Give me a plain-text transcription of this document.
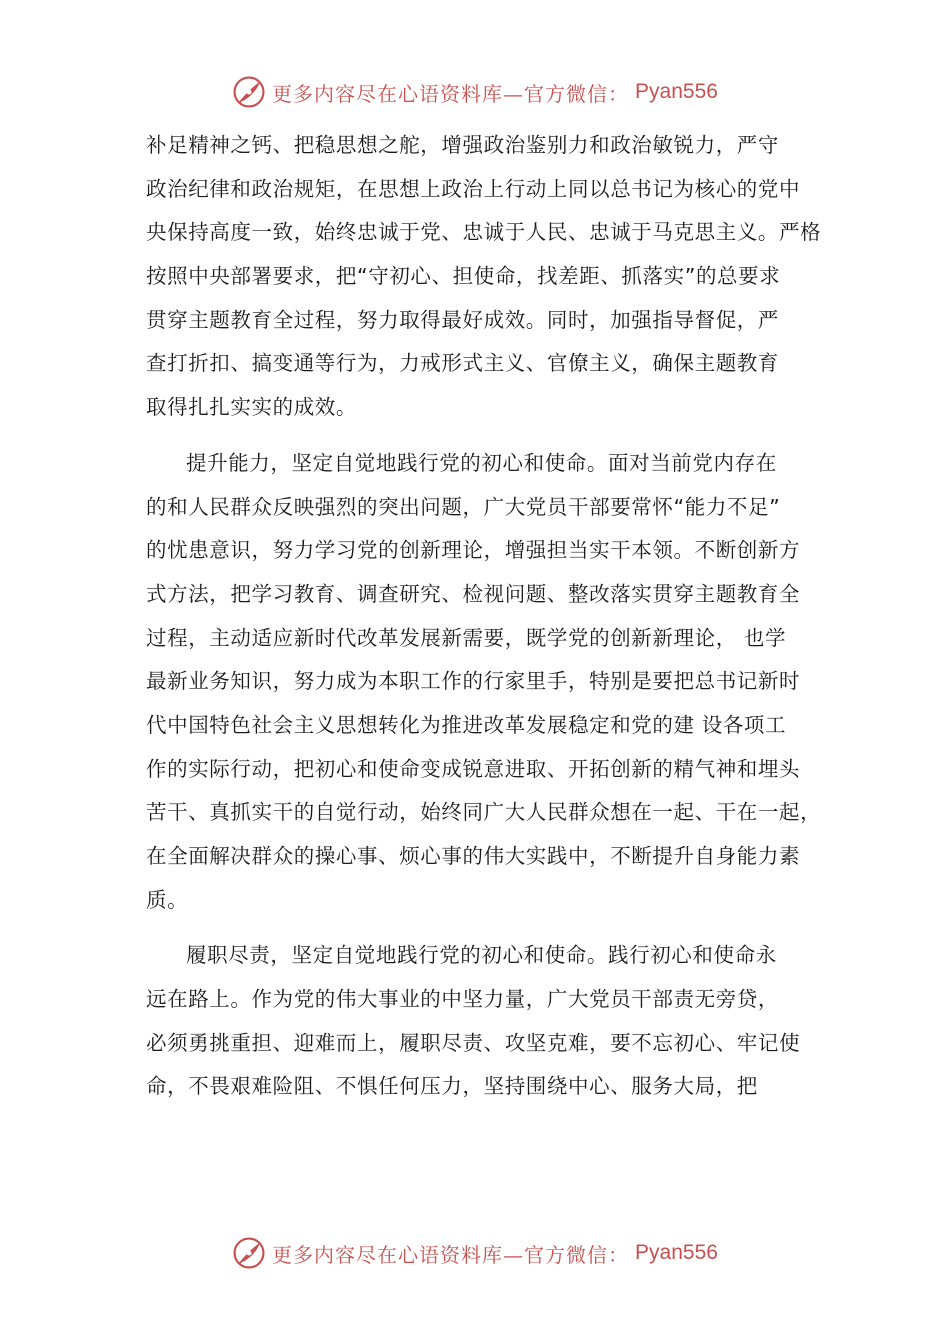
更多内容尽在心语资料库—官方微信： Pyan556
补足精神之钙、把稳思想之舵，增强政治鉴别力和政治敏锐力，严守
政治纪律和政治规矩，在思想上政治上行动上同以总书记为核心的党中
央保持高度一致，始终忠诚于党、忠诚于人民、忠诚于马克思主义。严格
按照中央部署要求，把“守初心、担使命，找差距、抓落实”的总要求
贯穿主题教育全过程，努力取得最好成效。同时，加强指导督促，严
查打折扣、搞变通等行为，力戒形式主义、官僚主义，确保主题教育
取得扎扎实实的成效。
提升能力，坚定自觉地践行党的初心和使命。面对当前党内存在
的和人民群众反映强烈的突出问题，广大党员干部要常怀“能力不足”
的忧患意识，努力学习党的创新理论，增强担当实干本领。不断创新方
式方法，把学习教育、调查研究、检视问题、整改落实贯穿主题教育全
过程，主动适应新时代改革发展新需要，既学党的创新新理论， 也学
最新业务知识，努力成为本职工作的行家里手，特别是要把总书记新时
代中国特色社会主义思想转化为推进改革发展稳定和党的建 设各项工
作的实际行动，把初心和使命变成锐意进取、开拓创新的精气神和埋头
苦干、真抓实干的自觉行动，始终同广大人民群众想在一起、干在一起，
在全面解决群众的操心事、烦心事的伟大实践中，不断提升自身能力素
质。
履职尽责，坚定自觉地践行党的初心和使命。践行初心和使命永
远在路上。作为党的伟大事业的中坚力量，广大党员干部责无旁贷，
必须勇挑重担、迎难而上，履职尽责、攻坚克难，要不忘初心、牢记使
命，不畏艰难险阻、不惧任何压力，坚持围绕中心、服务大局，把
更多内容尽在心语资料库—官方微信： Pyan556
